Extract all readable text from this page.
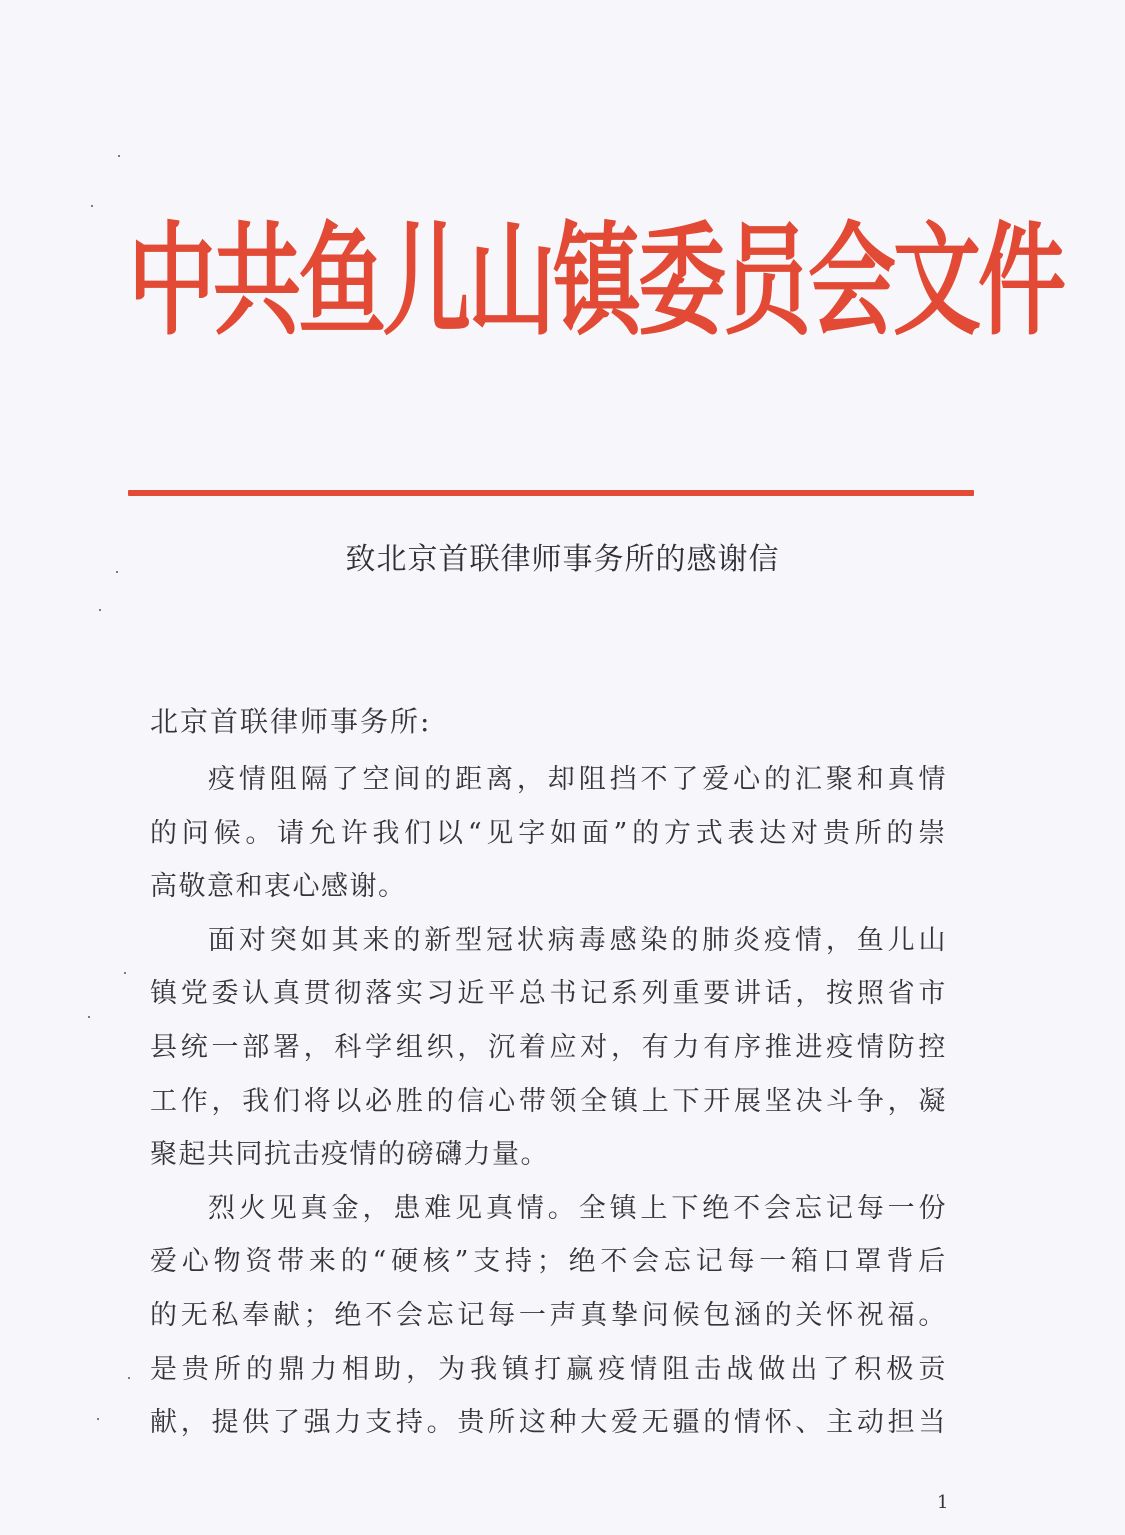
中
共
鱼
儿
山
镇
委
员
会
文
件
致北京首联律师事务所的感谢信
北京首联律师事务所:
疫 情 阻 隔 了 空 间 的 距 离 ， 却 阻 挡 不 了 爱 心 的 汇 聚 和 真 情
的 问 候 。 请 允 许 我 们 以 “ 见 字 如 面 ” 的 方 式 表 达 对 贵 所 的 崇
高敬意和衷心感谢。
面 对 突 如 其 来 的 新 型 冠 状 病 毒 感 染 的 肺 炎 疫 情 ， 鱼 儿 山
镇 党 委 认 真 贯 彻 落 实 习 近 平 总 书 记 系 列 重 要 讲 话 ， 按 照 省 市
县 统 一 部 署 ， 科 学 组 织 ， 沉 着 应 对 ， 有 力 有 序 推 进 疫 情 防 控
工 作 ， 我 们 将 以 必 胜 的 信 心 带 领 全 镇 上 下 开 展 坚 决 斗 争 ， 凝
聚起共同抗击疫情的磅礴力量。
烈 火 见 真 金 ， 患 难 见 真 情 。 全 镇 上 下 绝 不 会 忘 记 每 一 份
爱 心 物 资 带 来 的 “ 硬 核 ” 支 持 ； 绝 不 会 忘 记 每 一 箱 口 罩 背 后
的 无 私 奉 献 ； 绝 不 会 忘 记 每 一 声 真 挚 问 候 包 涵 的 关 怀 祝 福 。
是 贵 所 的 鼎 力 相 助 ， 为 我 镇 打 赢 疫 情 阻 击 战 做 出 了 积 极 贡
献 ， 提 供 了 强 力 支 持 。 贵 所 这 种 大 爱 无 疆 的 情 怀 、 主 动 担 当
1
